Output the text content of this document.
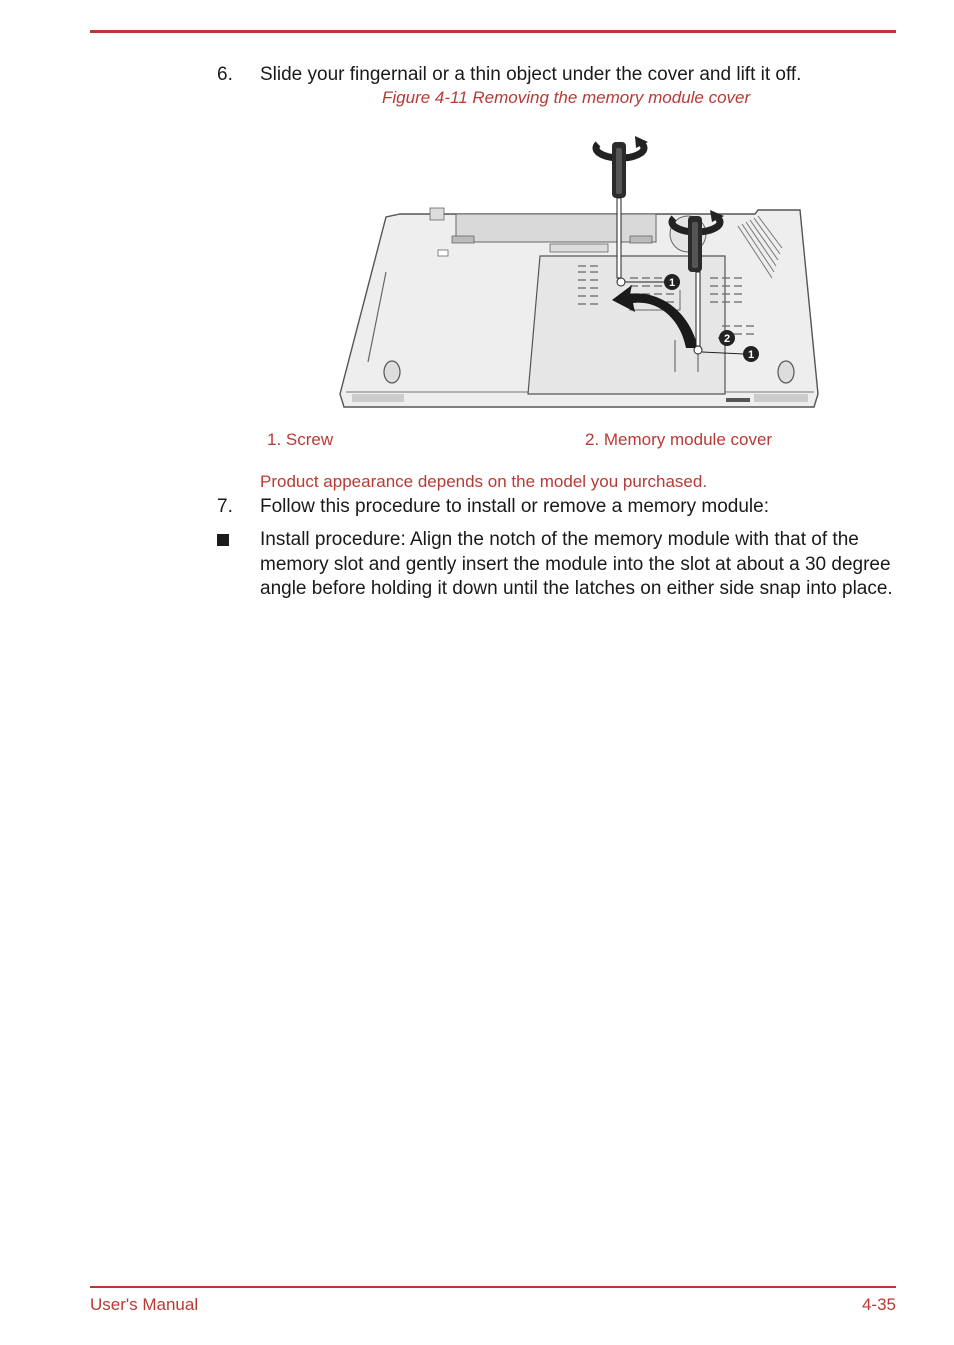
6. Slide your fingernail or a thin object under the cover and lift it off.
Figure 4-11 Removing the memory module cover
1
1
2
1. Screw	2. Memory module cover
Product appearance depends on the model you purchased.
7. Follow this procedure to install or remove a memory module:
Install procedure: Align the notch of the memory module with that of the memory slot and gently insert the module into the slot at about a 30 degree angle before holding it down until the latches on either side snap into place.
User's Manual	4-35
